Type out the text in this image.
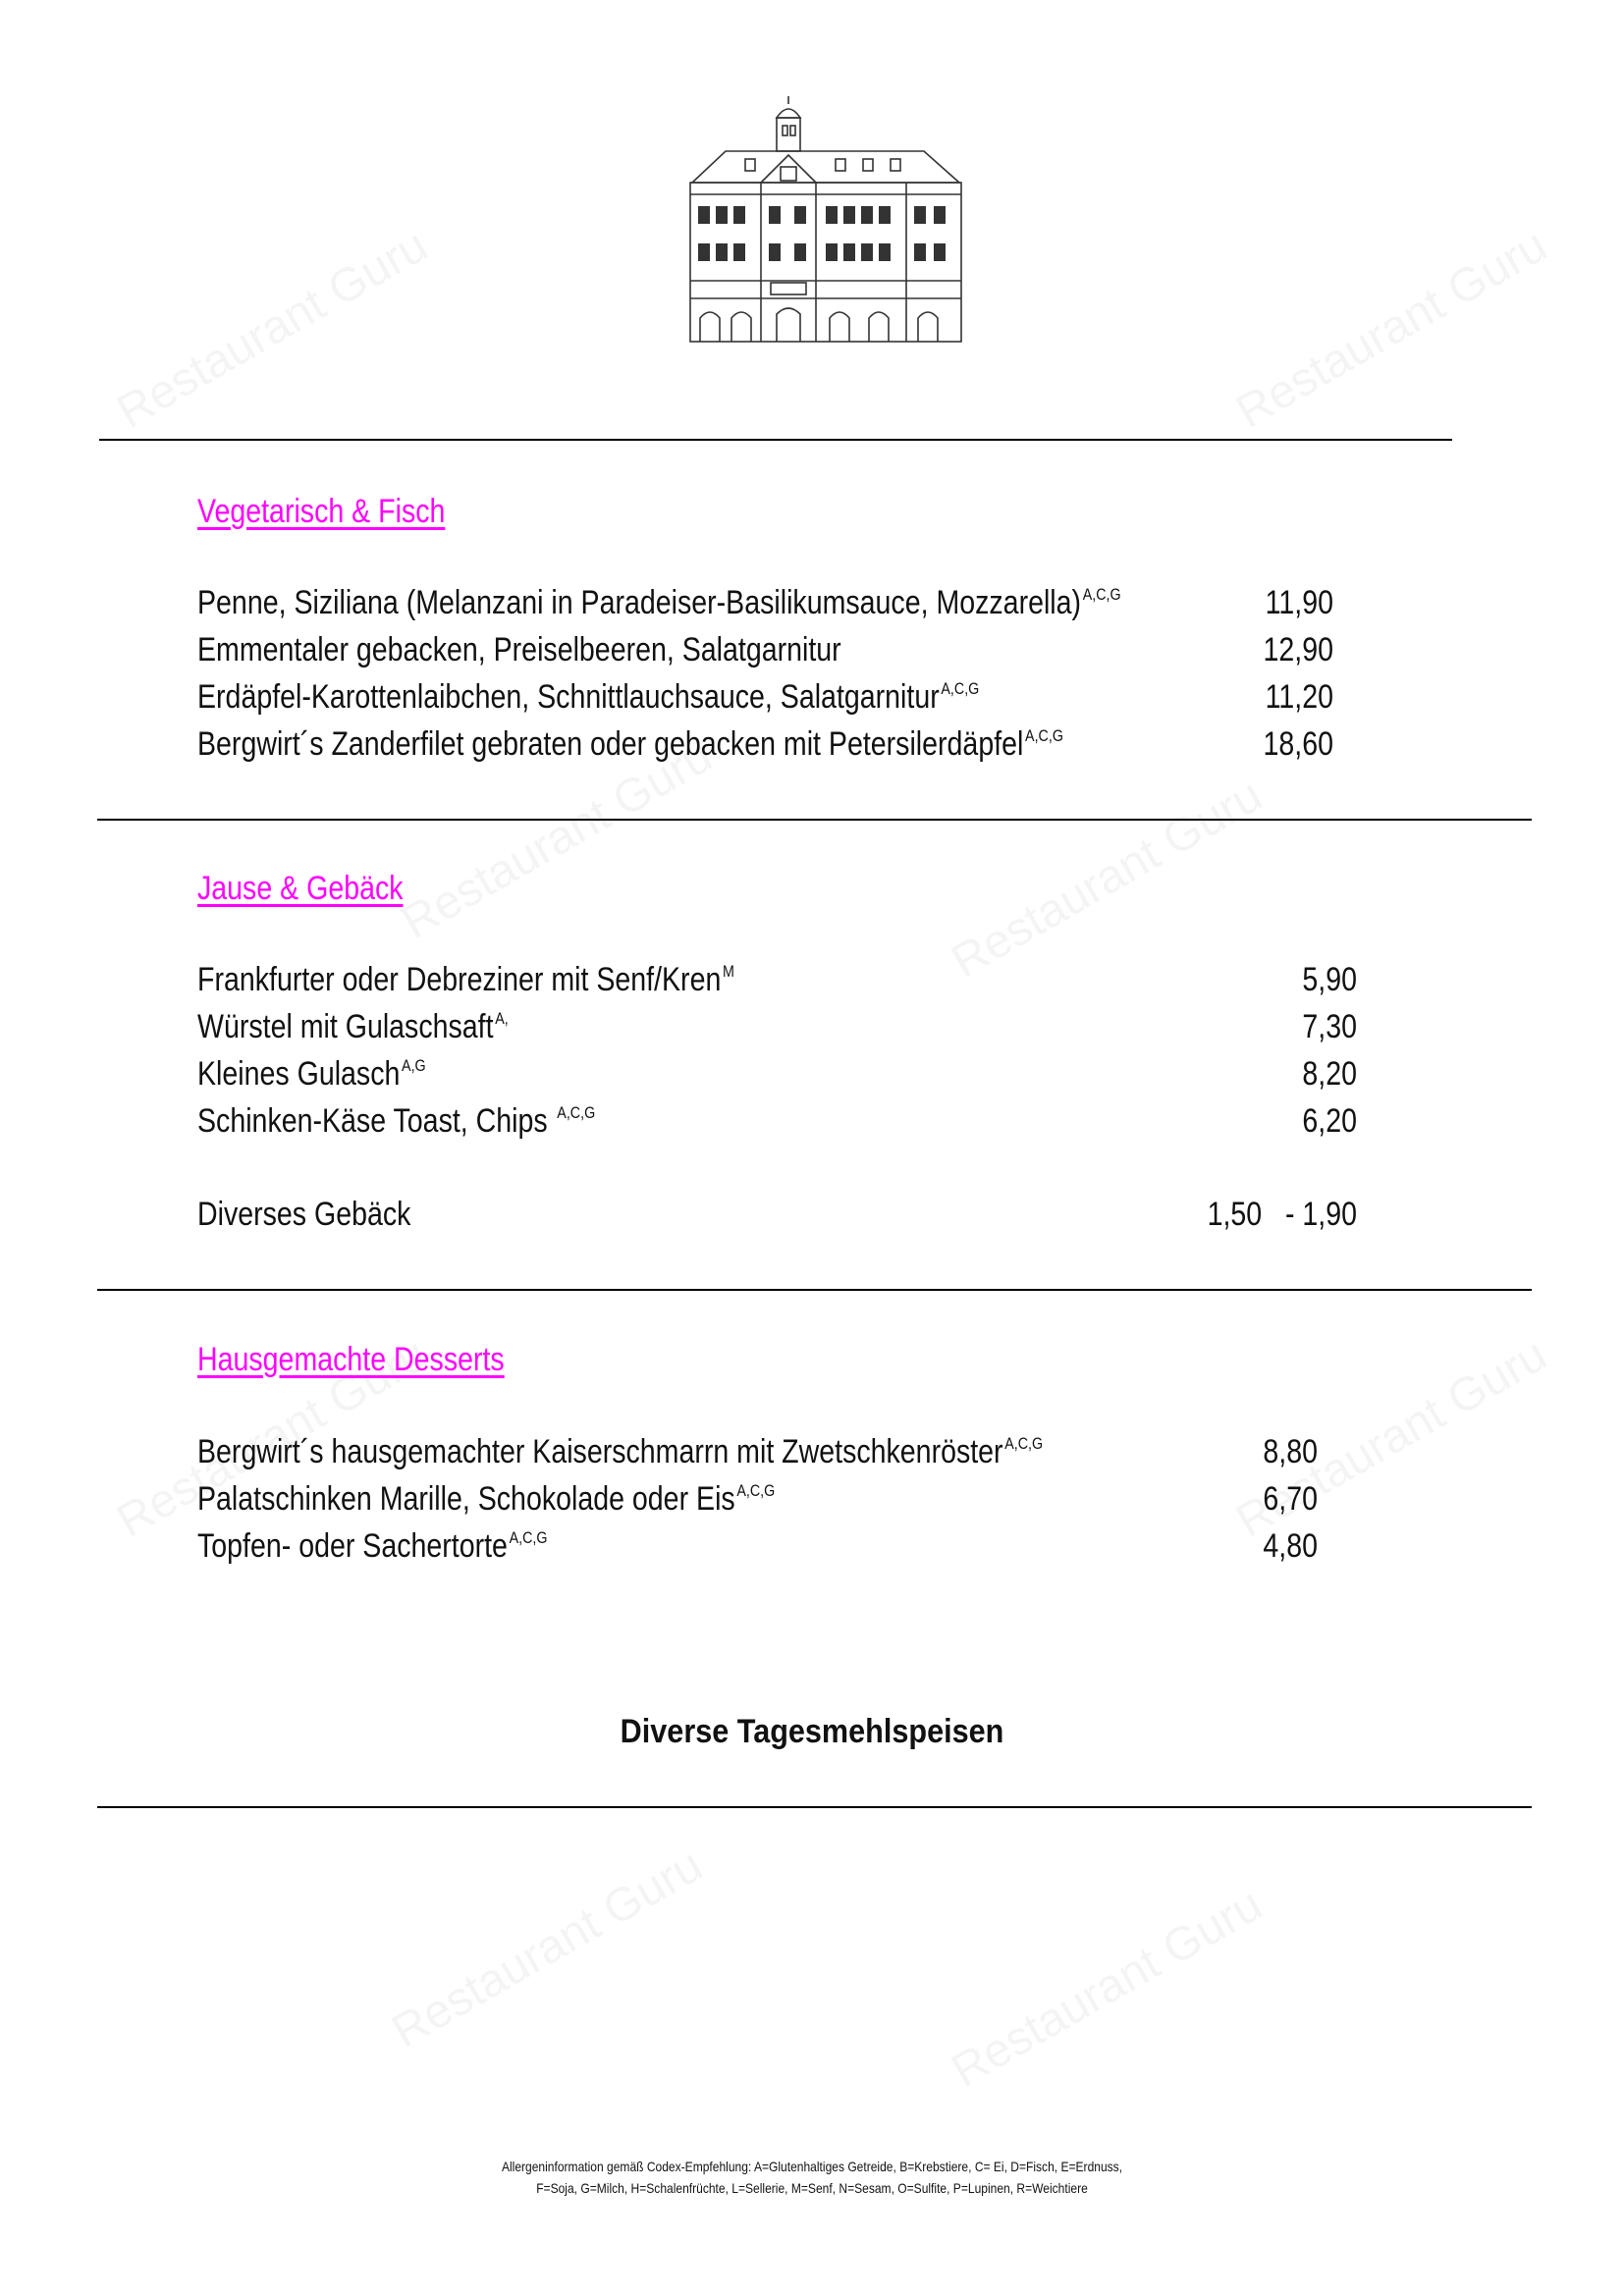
Vegetarisch & Fisch

Penne, Siziliana (Melanzani in Paradeiser-Basilikumsauce, Mozzarella)$^{A,C,G}$	11,90

Emmentaler gebacken, Preiselbeeren, Salatgarnitur	12,90

Erdäpfel-Karottenlaibchen, Schnittlauchsauce, Salatgarnitur$^{A,C,G}$	11,20

Bergwirt´s Zanderfilet gebraten oder gebacken mit Petersilerdäpfel$^{A,C,G}$	18,60

Jause & Gebäck

Frankfurter oder Debreziner mit Senf/Kren$^M$	5,90

Würstel mit Gulaschsaft$^{A,}$	7,30

Kleines Gulasch$^{A,G}$	8,20

Schinken-Käse Toast, Chips $^{A,C,G}$	6,20

Diverses Gebäck	1,50   - 1,90

Hausgemachte Desserts

Bergwirt´s hausgemachter Kaiserschmarrn mit Zwetschkenröster$^{A,C,G}$	8,80

Palatschinken Marille, Schokolade oder Eis$^{A,C,G}$	6,70

Topfen- oder Sachertorte$^{A,C,G}$	4,80

Diverse Tagesmehlspeisen

Allergeninformation gemäß Codex-Empfehlung: A=Glutenhaltiges Getreide, B=Krebstiere, C= Ei, D=Fisch, E=Erdnuss,

F=Soja, G=Milch, H=Schalenfrüchte, L=Sellerie, M=Senf, N=Sesam, O=Sulfite, P=Lupinen, R=Weichtiere
